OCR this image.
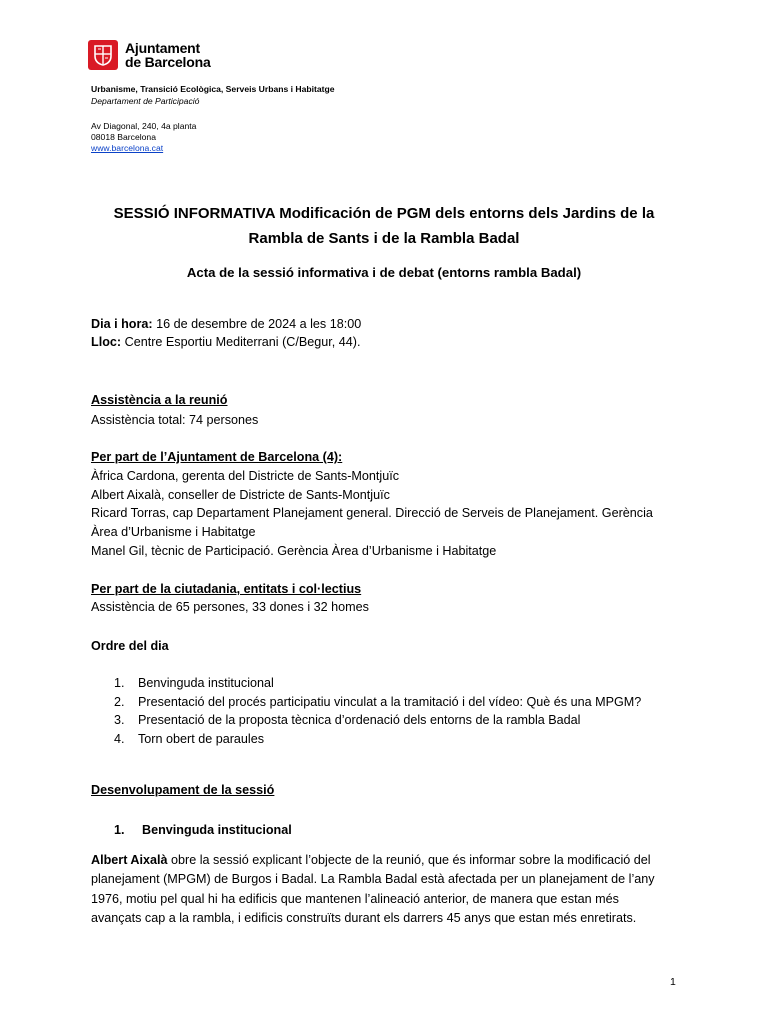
Ajuntament
de Barcelona
Urbanisme, Transició Ecològica, Serveis Urbans i Habitatge
Departament de Participació
Av Diagonal, 240, 4a planta
08018 Barcelona
www.barcelona.cat
SESSIÓ INFORMATIVA Modificación de PGM dels entorns dels Jardins de la
Rambla de Sants i de la Rambla Badal
Acta de la sessió informativa i de debat (entorns rambla Badal)
Dia i hora: 16 de desembre de 2024 a les 18:00
Lloc: Centre Esportiu Mediterrani (C/Begur, 44).
Assistència a la reunió
Assistència total: 74 persones
Per part de l’Ajuntament de Barcelona (4):
Àfrica Cardona, gerenta del Districte de Sants-Montjuïc
Albert Aixalà, conseller de Districte de Sants-Montjuïc
Ricard Torras, cap Departament Planejament general. Direcció de Serveis de Planejament. Gerència
Àrea d’Urbanisme i Habitatge
Manel Gil, tècnic de Participació. Gerència Àrea d’Urbanisme i Habitatge
Per part de la ciutadania, entitats i col·lectius
Assistència de 65 persones, 33 dones i 32 homes
Ordre del dia
1. Benvinguda institucional
2. Presentació del procés participatiu vinculat a la tramitació i del vídeo: Què és una MPGM?
3. Presentació de la proposta tècnica d’ordenació dels entorns de la rambla Badal
4. Torn obert de paraules
Desenvolupament de la sessió
1. Benvinguda institucional
Albert Aixalà obre la sessió explicant l’objecte de la reunió, que és informar sobre la modificació del
planejament (MPGM) de Burgos i Badal. La Rambla Badal està afectada per un planejament de l’any
1976, motiu pel qual hi ha edificis que mantenen l’alineació anterior, de manera que estan més
avançats cap a la rambla, i edificis construïts durant els darrers 45 anys que estan més enretirats.
1
